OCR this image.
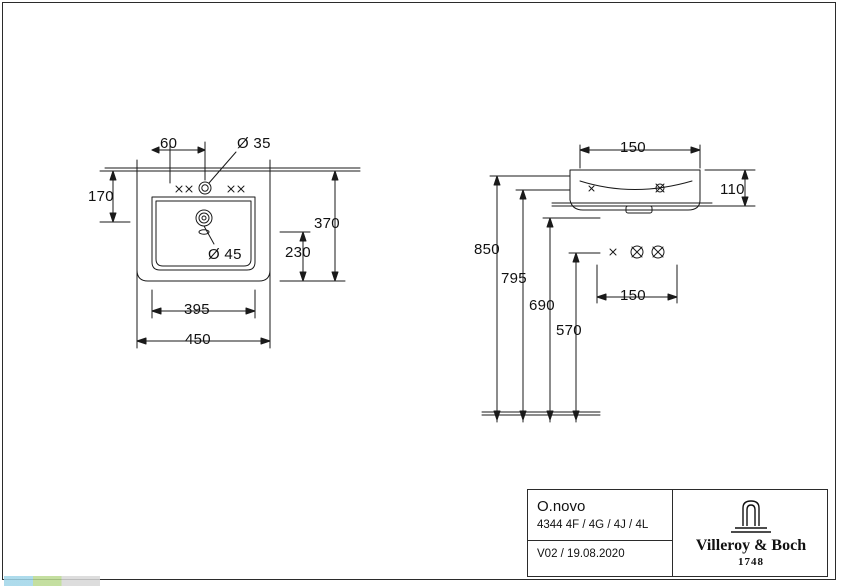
60	Ø 35
170
Ø 45
370
230
395
450
150
110
850
795
690
150
570
O.novo
4344 4F / 4G / 4J / 4L
V02 / 19.08.2020	Villeroy & Boch
1748
